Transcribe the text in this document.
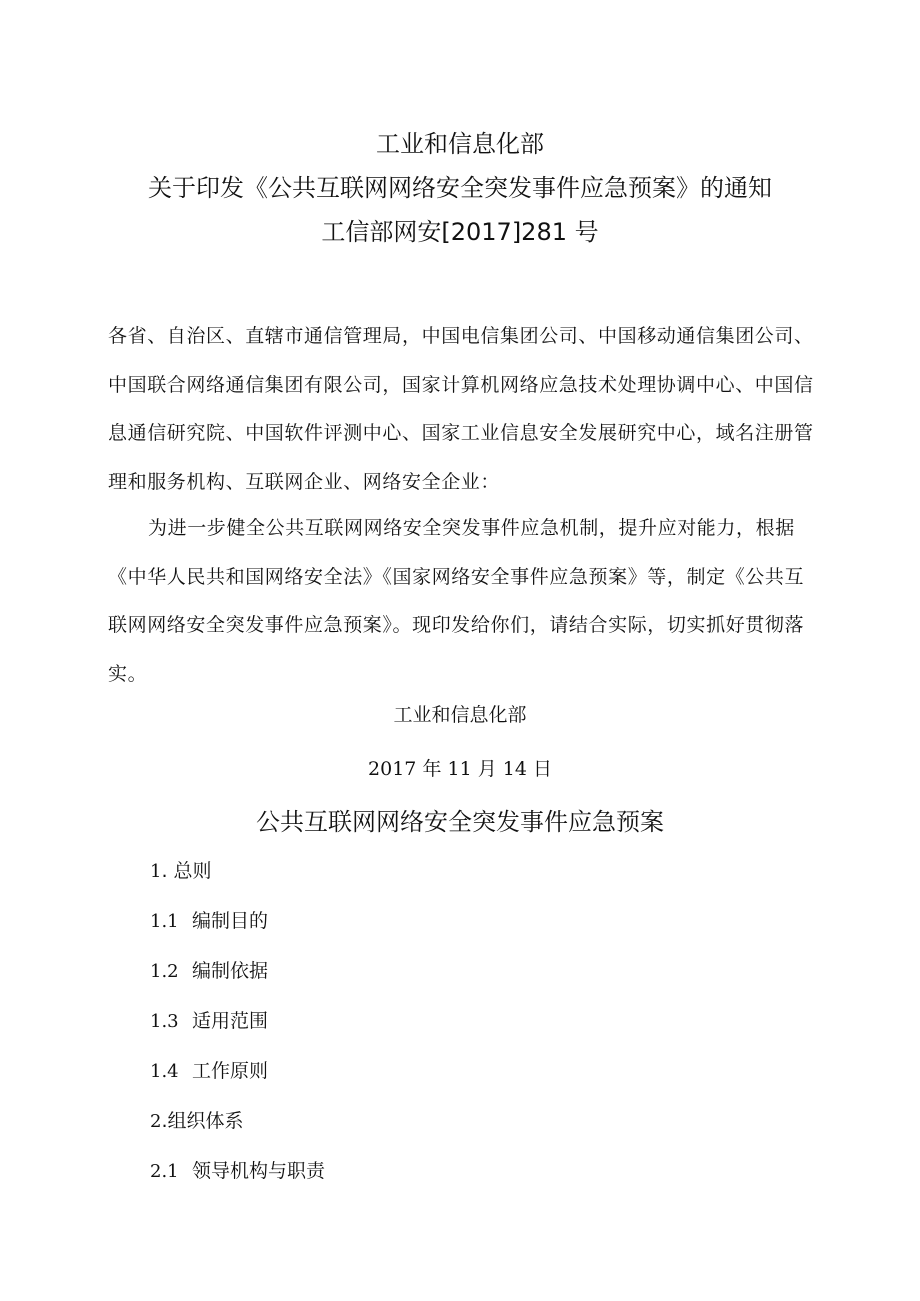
工业和信息化部
关于印发《公共互联网网络安全突发事件应急预案》的通知
工信部网安[2017]281 号
各省、自治区、直辖市通信管理局，中国电信集团公司、中国移动通信集团公司、中国联合网络通信集团有限公司，国家计算机网络应急技术处理协调中心、中国信息通信研究院、中国软件评测中心、国家工业信息安全发展研究中心，域名注册管理和服务机构、互联网企业、网络安全企业：
为进一步健全公共互联网网络安全突发事件应急机制，提升应对能力，根据《中华人民共和国网络安全法》《国家网络安全事件应急预案》等，制定《公共互联网网络安全突发事件应急预案》。现印发给你们，请结合实际，切实抓好贯彻落实。
工业和信息化部
2017 年 11 月 14 日
公共互联网网络安全突发事件应急预案
1. 总则
1.1 编制目的
1.2 编制依据
1.3 适用范围
1.4 工作原则
2.组织体系
2.1 领导机构与职责
